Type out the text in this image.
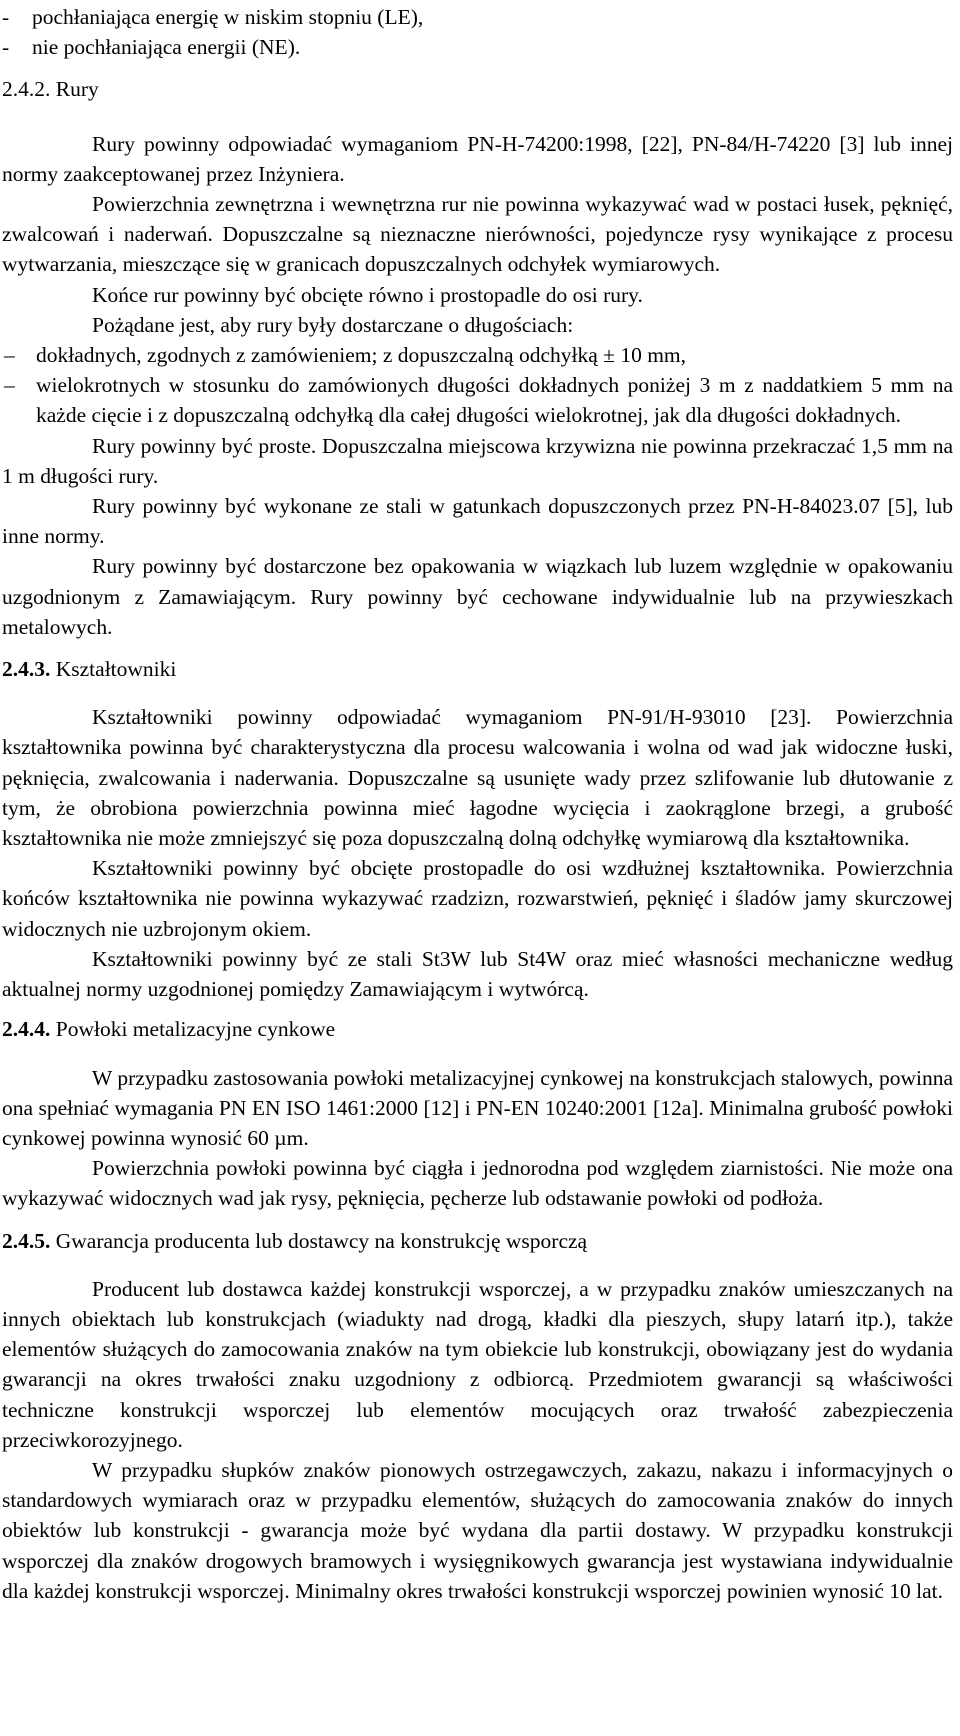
- pochłaniająca energię w niskim stopniu (LE),
- nie pochłaniająca energii (NE).
2.4.2. Rury

Rury powinny odpowiadać wymaganiom PN-H-74200:1998, [22], PN-84/H-74220 [3] lub innej normy zaakceptowanej przez Inżyniera.

Powierzchnia zewnętrzna i wewnętrzna rur nie powinna wykazywać wad w postaci łusek, pęknięć, zwalcowań i naderwań. Dopuszczalne są nieznaczne nierówności, pojedyncze rysy wynikające z procesu wytwarzania, mieszczące się w granicach dopuszczalnych odchyłek wymiarowych.

Końce rur powinny być obcięte równo i prostopadle do osi rury.

Pożądane jest, aby rury były dostarczane o długościach:

– dokładnych, zgodnych z zamówieniem; z dopuszczalną odchyłką ± 10 mm,
– wielokrotnych w stosunku do zamówionych długości dokładnych poniżej 3 m z naddatkiem 5 mm na każde cięcie i z dopuszczalną odchyłką dla całej długości wielokrotnej, jak dla długości dokładnych.

Rury powinny być proste. Dopuszczalna miejscowa krzywizna nie powinna przekraczać 1,5 mm na 1 m długości rury.

Rury powinny być wykonane ze stali w gatunkach dopuszczonych przez PN-H-84023.07 [5], lub inne normy.

Rury powinny być dostarczone bez opakowania w wiązkach lub luzem względnie w opakowaniu uzgodnionym z Zamawiającym. Rury powinny być cechowane indywidualnie lub na przywieszkach metalowych.

2.4.3. Kształtowniki

Kształtowniki powinny odpowiadać wymaganiom PN-91/H-93010 [23]. Powierzchnia kształtownika powinna być charakterystyczna dla procesu walcowania i wolna od wad jak widoczne łuski, pęknięcia, zwalcowania i naderwania. Dopuszczalne są usunięte wady przez szlifowanie lub dłutowanie z tym, że obrobiona powierzchnia powinna mieć łagodne wycięcia i zaokrąglone brzegi, a grubość kształtownika nie może zmniejszyć się poza dopuszczalną dolną odchyłkę wymiarową dla kształtownika.

Kształtowniki powinny być obcięte prostopadle do osi wzdłużnej kształtownika. Powierzchnia końców kształtownika nie powinna wykazywać rzadzizn, rozwarstwień, pęknięć i śladów jamy skurczowej widocznych nie uzbrojonym okiem.

Kształtowniki powinny być ze stali St3W lub St4W oraz mieć własności mechaniczne według aktualnej normy uzgodnionej pomiędzy Zamawiającym i wytwórcą.

2.4.4. Powłoki metalizacyjne cynkowe

W przypadku zastosowania powłoki metalizacyjnej cynkowej na konstrukcjach stalowych, powinna ona spełniać wymagania PN EN ISO 1461:2000 [12] i PN-EN 10240:2001 [12a]. Minimalna grubość powłoki cynkowej powinna wynosić 60 µm.

Powierzchnia powłoki powinna być ciągła i jednorodna pod względem ziarnistości. Nie może ona wykazywać widocznych wad jak rysy, pęknięcia, pęcherze lub odstawanie powłoki od podłoża.

2.4.5. Gwarancja producenta lub dostawcy na konstrukcję wsporczą

Producent lub dostawca każdej konstrukcji wsporczej, a w przypadku znaków umieszczanych na innych obiektach lub konstrukcjach (wiadukty nad drogą, kładki dla pieszych, słupy latarń itp.), także elementów służących do zamocowania znaków na tym obiekcie lub konstrukcji, obowiązany jest do wydania gwarancji na okres trwałości znaku uzgodniony z odbiorcą. Przedmiotem gwarancji są właściwości techniczne konstrukcji wsporczej lub elementów mocujących oraz trwałość zabezpieczenia przeciwkorozyjnego.

W przypadku słupków znaków pionowych ostrzegawczych, zakazu, nakazu i informacyjnych o standardowych wymiarach oraz w przypadku elementów, służących do zamocowania znaków do innych obiektów lub konstrukcji - gwarancja może być wydana dla partii dostawy. W przypadku konstrukcji wsporczej dla znaków drogowych bramowych i wysięgnikowych gwarancja jest wystawiana indywidualnie dla każdej konstrukcji wsporczej. Minimalny okres trwałości konstrukcji wsporczej powinien wynosić 10 lat.
